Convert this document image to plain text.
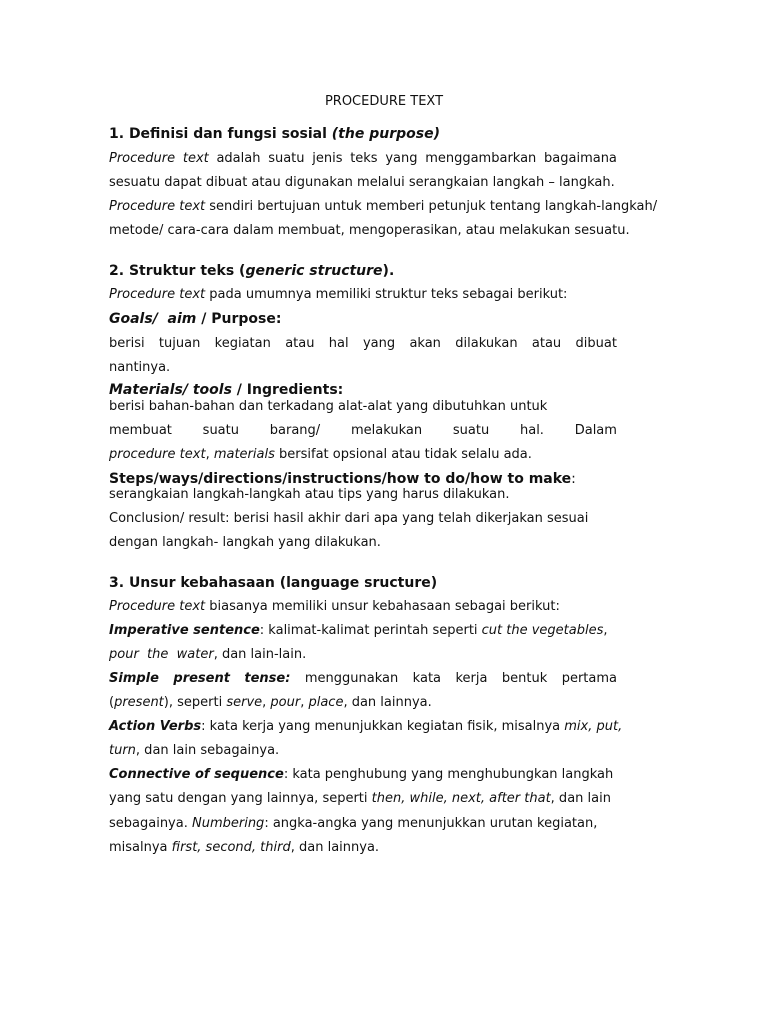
PROCEDURE TEXT
1. Definisi dan fungsi sosial (the purpose)
Procedure text adalah suatu jenis teks yang menggambarkan bagaimana
sesuatu dapat dibuat atau digunakan melalui serangkaian langkah – langkah.
Procedure text sendiri bertujuan untuk memberi petunjuk tentang langkah-langkah/
metode/ cara-cara dalam membuat, mengoperasikan, atau melakukan sesuatu.
2. Struktur teks (generic structure).
Procedure text pada umumnya memiliki struktur teks sebagai berikut:
Goals/  aim / Purpose:
berisi tujuan kegiatan atau hal yang akan dilakukan atau dibuat
nantinya.
Materials/ tools / Ingredients:
berisi bahan-bahan dan terkadang alat-alat yang dibutuhkan untuk
membuat suatu barang/ melakukan suatu hal. Dalam
procedure text, materials bersifat opsional atau tidak selalu ada.
Steps/ways/directions/instructions/how to do/how to make:
serangkaian langkah-langkah atau tips yang harus dilakukan.
Conclusion/ result: berisi hasil akhir dari apa yang telah dikerjakan sesuai
dengan langkah- langkah yang dilakukan.
3. Unsur kebahasaan (language sructure)
Procedure text biasanya memiliki unsur kebahasaan sebagai berikut:
Imperative sentence: kalimat-kalimat perintah seperti cut the vegetables,
pour  the  water, dan lain-lain.
Simple present tense: menggunakan kata kerja bentuk pertama
(present), seperti serve, pour, place, dan lainnya.
Action Verbs: kata kerja yang menunjukkan kegiatan fisik, misalnya mix, put,
turn, dan lain sebagainya.
Connective of sequence: kata penghubung yang menghubungkan langkah
yang satu dengan yang lainnya, seperti then, while, next, after that, dan lain
sebagainya. Numbering: angka-angka yang menunjukkan urutan kegiatan,
misalnya first, second, third, dan lainnya.
